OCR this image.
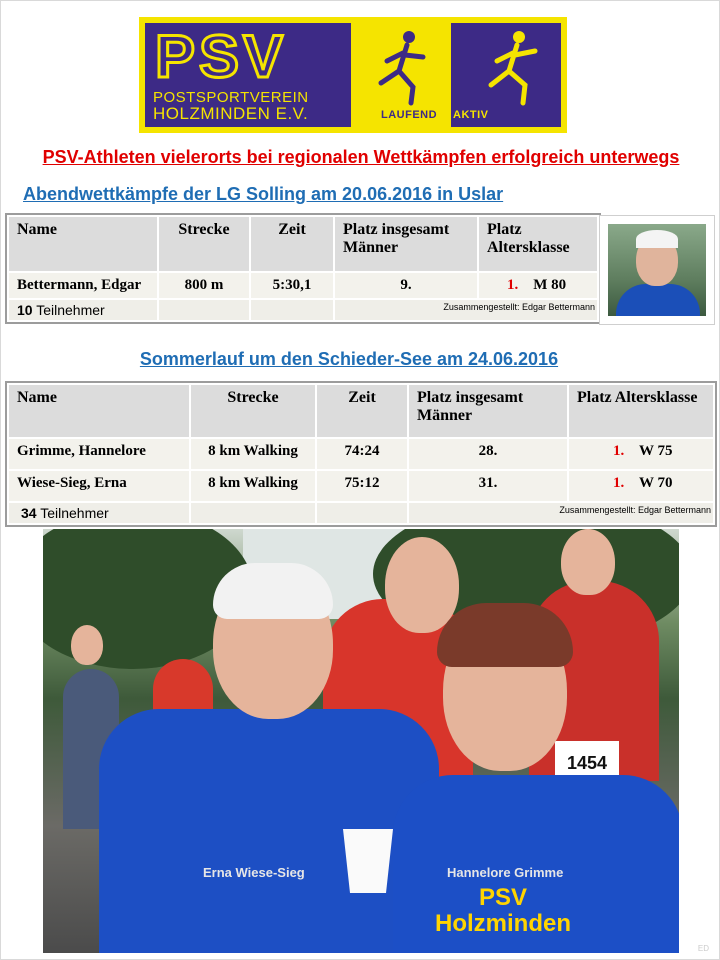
PSV
POSTSPORTVEREIN
HOLZMINDEN E.V.	LAUFEND AKTIV
PSV-Athleten vielerorts bei regionalen Wettkämpfen erfolgreich unterwegs
Abendwettkämpfe der LG Solling am 20.06.2016 in Uslar
Name	Strecke	Zeit	Platz insgesamt Männer	Platz Altersklasse
Bettermann, Edgar	800 m	5:30,1	9.	1. M 80
10 Teilnehmer			Zusammengestellt: Edgar Bettermann	
Sommerlauf um den Schieder-See am 24.06.2016
Name	Strecke	Zeit	Platz insgesamt Männer	Platz Altersklasse
Grimme, Hannelore	8 km Walking	74:24	28.	1. W 75
Wiese-Sieg, Erna	8 km Walking	75:12	31.	1. W 70
34 Teilnehmer			Zusammengestellt: Edgar Bettermann	
1454
PSV
Holzminden
Erna Wiese-Sieg	Hannelore Grimme
ED
